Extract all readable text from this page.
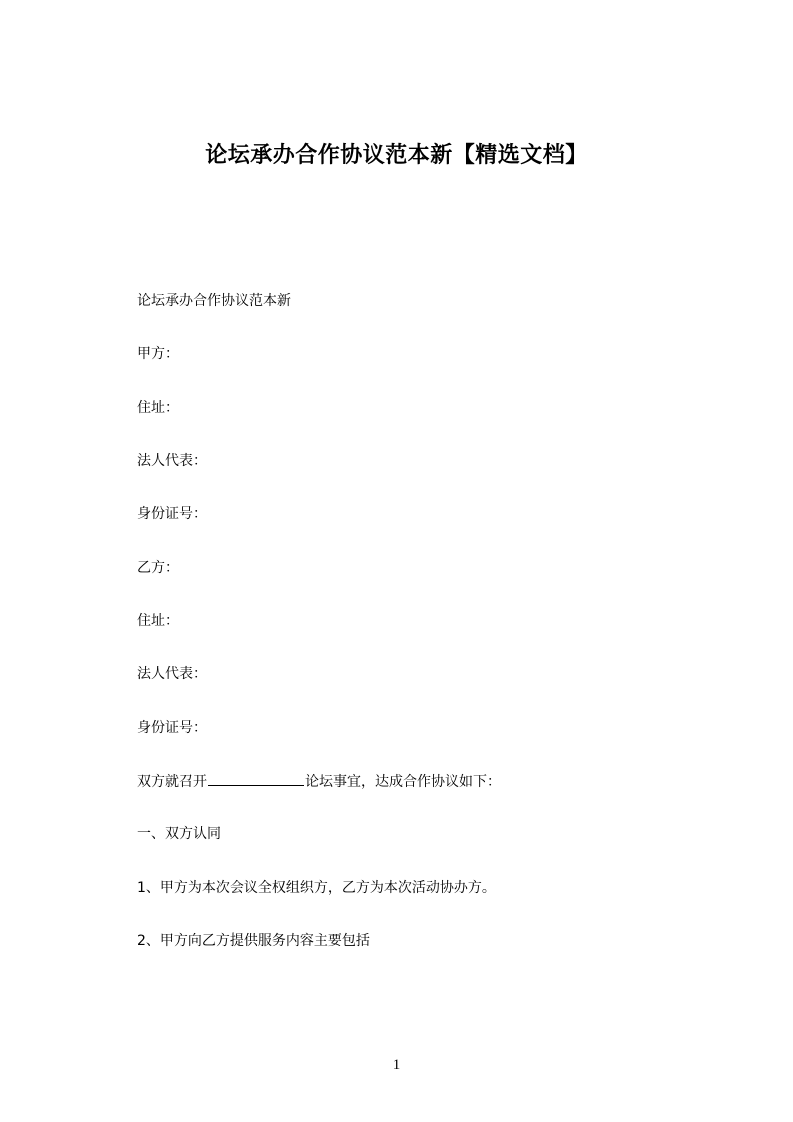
论坛承办合作协议范本新【精选文档】
论坛承办合作协议范本新
甲方：
住址：
法人代表：
身份证号：
乙方：
住址：
法人代表：
身份证号：
双方就召开	论坛事宜，达成合作协议如下：
一、双方认同
1、甲方为本次会议全权组织方，乙方为本次活动协办方。
2、甲方向乙方提供服务内容主要包括
1
